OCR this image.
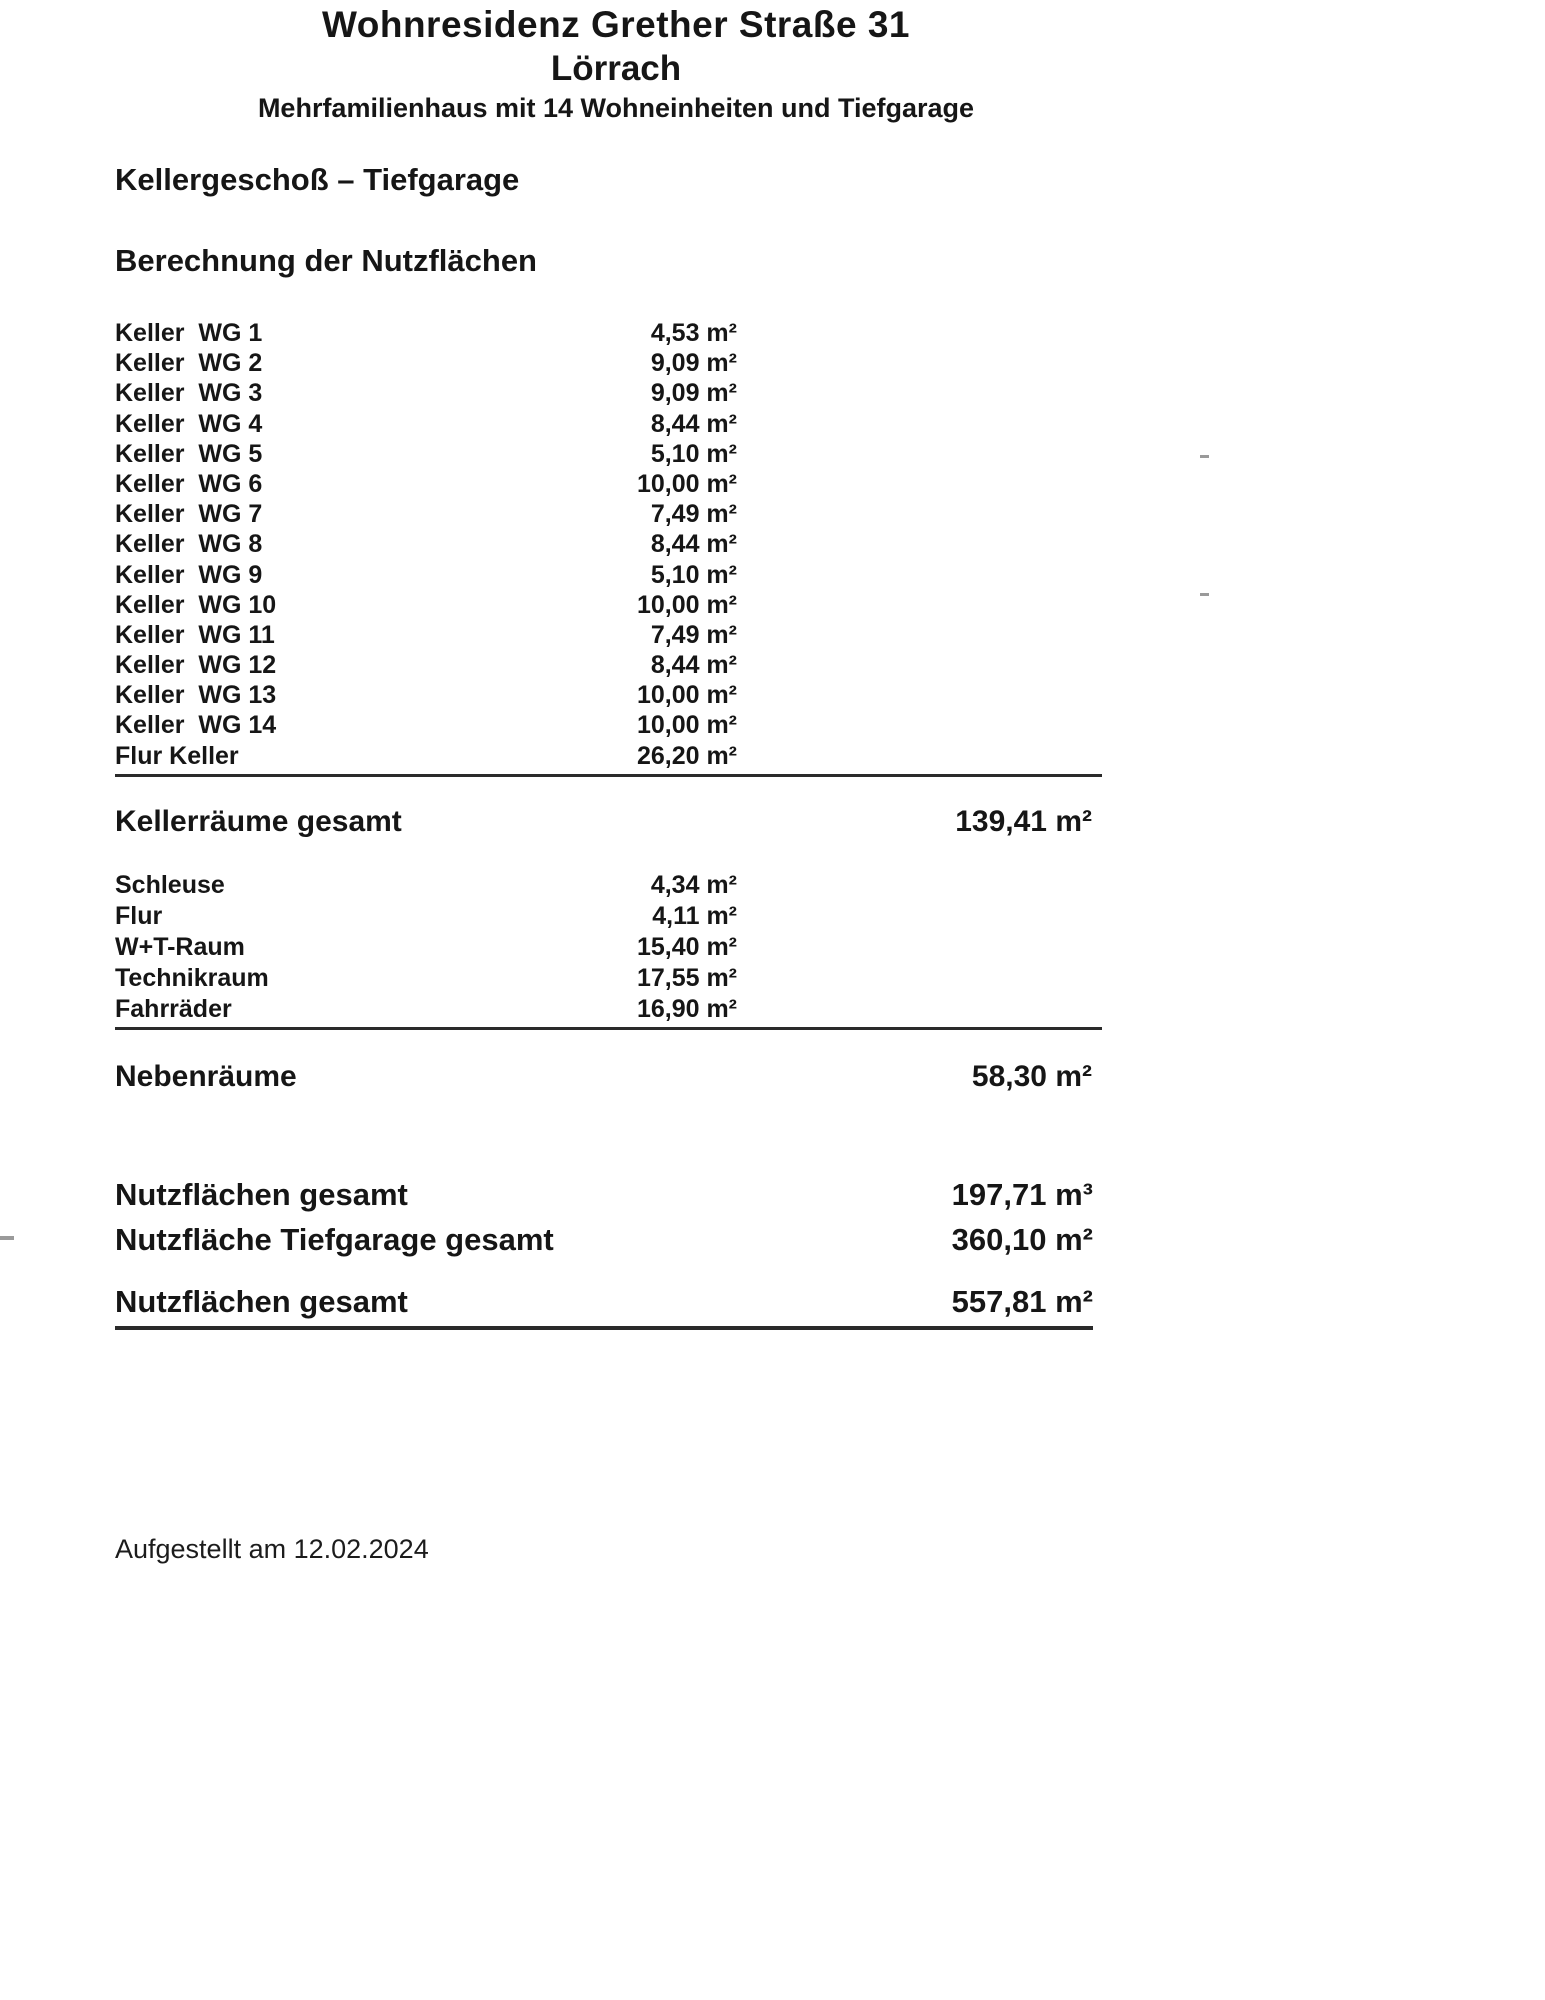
Wohnresidenz Grether Straße 31
Lörrach
Mehrfamilienhaus mit 14 Wohneinheiten und Tiefgarage
Kellergeschoß – Tiefgarage
Berechnung der Nutzflächen
Keller  WG 1	4,53 m²
Keller  WG 2	9,09 m²
Keller  WG 3	9,09 m²
Keller  WG 4	8,44 m²
Keller  WG 5	5,10 m²
Keller  WG 6	10,00 m²
Keller  WG 7	7,49 m²
Keller  WG 8	8,44 m²
Keller  WG 9	5,10 m²
Keller  WG 10	10,00 m²
Keller  WG 11	7,49 m²
Keller  WG 12	8,44 m²
Keller  WG 13	10,00 m²
Keller  WG 14	10,00 m²
Flur Keller	26,20 m²
Kellerräume gesamt	139,41 m²
Schleuse	4,34 m²
Flur	4,11 m²
W+T-Raum	15,40 m²
Technikraum	17,55 m²
Fahrräder	16,90 m²
Nebenräume	58,30 m²
Nutzflächen gesamt	197,71 m³
Nutzfläche Tiefgarage gesamt	360,10 m²
Nutzflächen gesamt	557,81 m²
Aufgestellt am 12.02.2024
